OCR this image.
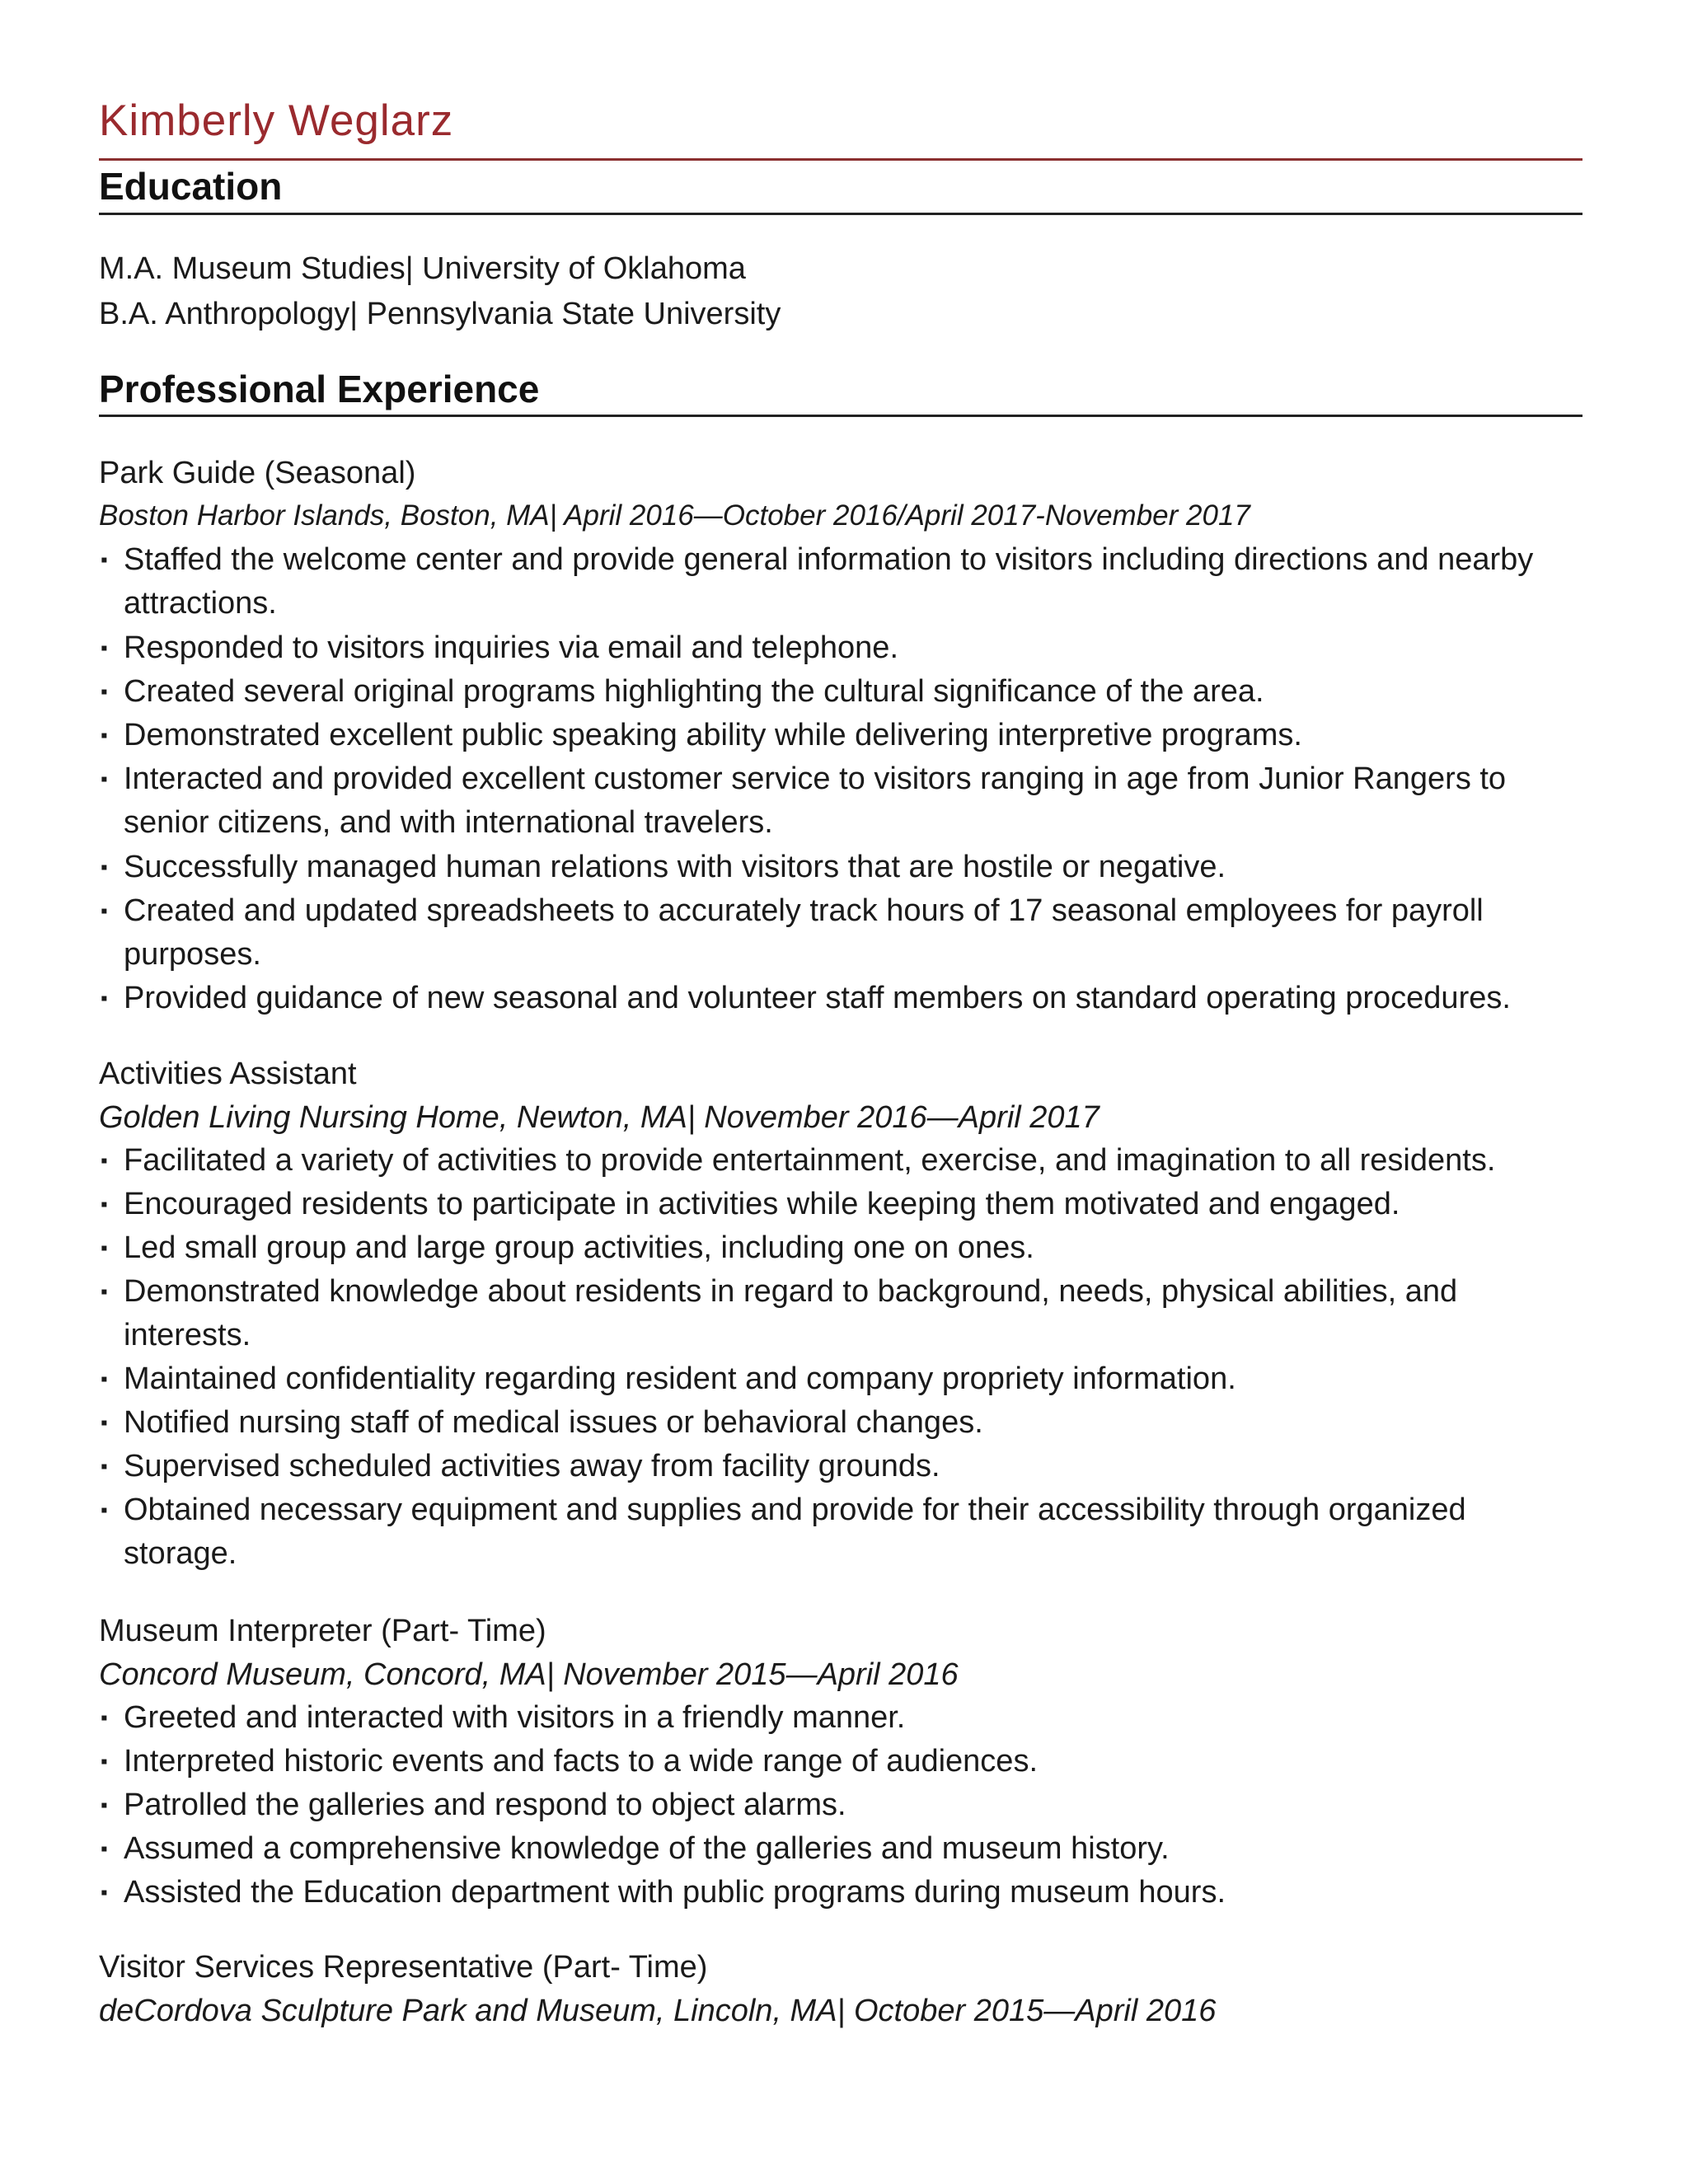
Kimberly Weglarz
Education
M.A. Museum Studies| University of Oklahoma
B.A. Anthropology| Pennsylvania State University
Professional Experience
Park Guide (Seasonal)
Boston Harbor Islands, Boston, MA| April 2016—October 2016/April 2017-November 2017
▪ Staffed the welcome center and provide general information to visitors including directions and nearby attractions.
▪ Responded to visitors inquiries via email and telephone.
▪ Created several original programs highlighting the cultural significance of the area.
▪ Demonstrated excellent public speaking ability while delivering interpretive programs.
▪ Interacted and provided excellent customer service to visitors ranging in age from Junior Rangers to senior citizens, and with international travelers.
▪ Successfully managed human relations with visitors that are hostile or negative.
▪ Created and updated spreadsheets to accurately track hours of 17 seasonal employees for payroll purposes.
▪ Provided guidance of new seasonal and volunteer staff members on standard operating procedures.
Activities Assistant
Golden Living Nursing Home, Newton, MA| November 2016—April 2017
▪ Facilitated a variety of activities to provide entertainment, exercise, and imagination to all residents.
▪ Encouraged residents to participate in activities while keeping them motivated and engaged.
▪ Led small group and large group activities, including one on ones.
▪ Demonstrated knowledge about residents in regard to background, needs, physical abilities, and interests.
▪ Maintained confidentiality regarding resident and company propriety information.
▪ Notified nursing staff of medical issues or behavioral changes.
▪ Supervised scheduled activities away from facility grounds.
▪ Obtained necessary equipment and supplies and provide for their accessibility through organized storage.
Museum Interpreter (Part- Time)
Concord Museum, Concord, MA| November 2015—April 2016
▪ Greeted and interacted with visitors in a friendly manner.
▪ Interpreted historic events and facts to a wide range of audiences.
▪ Patrolled the galleries and respond to object alarms.
▪ Assumed a comprehensive knowledge of the galleries and museum history.
▪ Assisted the Education department with public programs during museum hours.
Visitor Services Representative (Part- Time)
deCordova Sculpture Park and Museum, Lincoln, MA| October 2015—April 2016
